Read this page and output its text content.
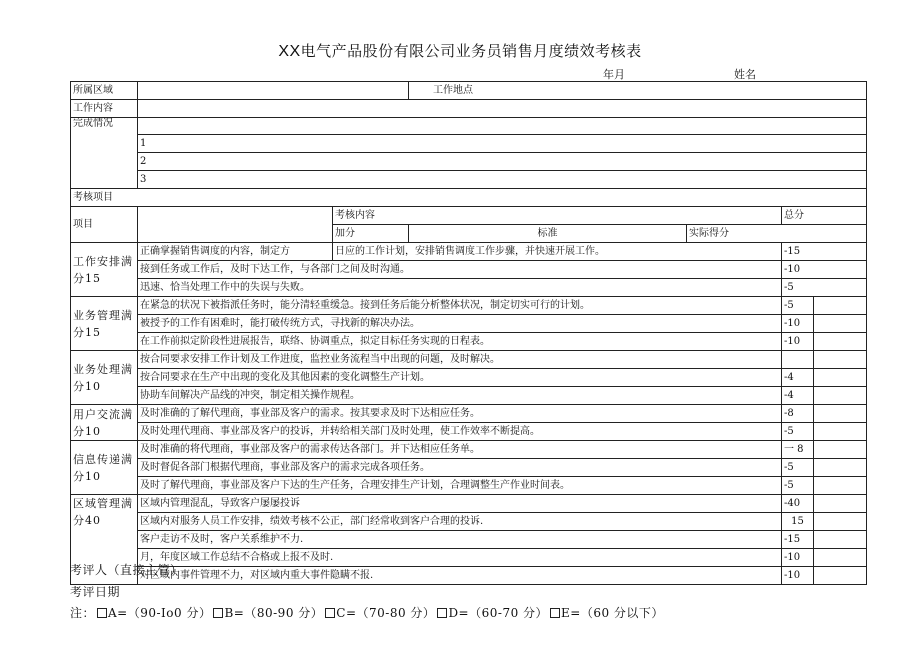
XX电气产品股份有限公司业务员销售月度绩效考核表
年月	姓名
所属区域			工作地点			
工作内容						
完成情况						
	1					
	2					
	3					
考核项目						
项目		考核内容			总分	
		加分	标准	实际得分		
工作安排满分15	正确掌握销售调度的内容，制定方	日应的工作计划，安排销售调度工作步骤，并快速开展工作。			-15	
	接到任务或工作后，及时下达工作，与各部门之间及时沟通。				-10	
	迅速、恰当处理工作中的失误与失败。				-5	
业务管理满分15	在紧急的状况下被指派任务时，能分清轻重缓急。接到任务后能分析整体状况，制定切实可行的计划。				-5	
	被授予的工作有困难时，能打破传统方式，寻找新的解决办法。				-10	
	在工作前拟定阶段性进展报告，联络、协调重点，拟定目标任务实现的日程表。				-10	
业务处理满分10	按合同要求安排工作计划及工作进度，监控业务流程当中出现的问题，及时解决。					
	按合同要求在生产中出现的变化及其他因素的变化调整生产计划。				-4	
	协助车间解决产品线的冲突，制定相关操作规程。				-4	
用户交流满分10	及时准确的了解代理商，事业部及客户的需求。按其要求及时下达相应任务。				-8	
	及时处理代理商、事业部及客户的投诉，并转给相关部门及时处理，使工作效率不断提高。				-5	
信息传递满分10	及时准确的将代理商，事业部及客户的需求传达各部门。并下达相应任务单。				一 8	
	及时督促各部门根据代理商，事业部及客户的需求完成各项任务。				-5	
	及时了解代理商，事业部及客户下达的生产任务，合理安排生产计划，合理调整生产作业时间表。				-5	
区域管理满分40	区域内管理混乱，导致客户屡屡投诉				-40	
	区域内对服务人员工作安排，绩效考核不公正，部门经常收到客户合理的投诉.				15	
	客户走访不及时，客户关系维护不力.				-15	
	月，年度区域工作总结不合格或上报不及时.				-10	
	对区域内事件管理不力，对区域内重大事件隐瞒不报.				-10	
考评人（直接主管）
考评日期
注： A=（90-Io0 分） B=（80-90 分） C=（70-80 分） D=（60-70 分） E=（60 分以下）
